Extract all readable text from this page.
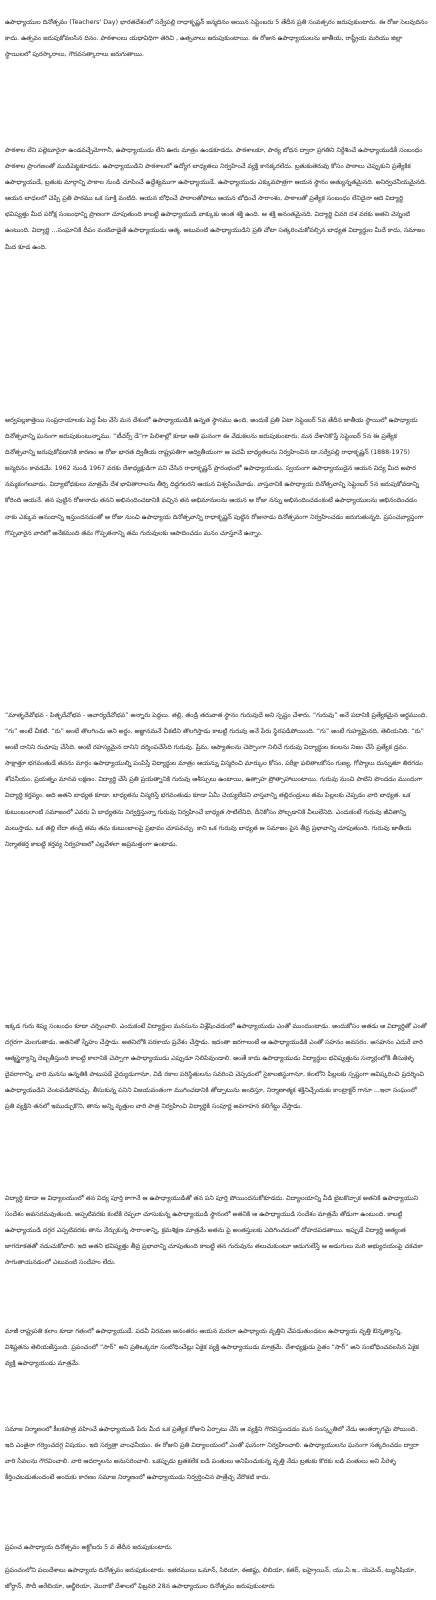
ఉపాధ్యాయుల దినోత్సవం (Teachers' Day) భారతదేశంలో సర్వేపల్లి రాధాకృష్ణన్ జన్మదినం అయిన సెప్టెంబరు 5 తేదీన ప్రతి సంవత్సరం జరుపుకుంటారు. ఈ రోజు సెలవుదినం కాదు. ఉత్సవం జరుపుకోవలసిన దినం. పాఠశాలలు యధావిధిగా తెరిచి , ఉత్సవాలు జరుపుకుంటాయి. ఈ రోజున ఉపాధ్యాయులను జాతీయ, రాష్ట్రీయ మరియు జిల్లా స్థాయిలలో పురస్కారాలు, గౌరవసత్కారాలు జరుగుతాయి.

పాఠశాల లేని పల్లెటూరైనా ఉండవచ్చేమోగానీ, ఉపాధ్యాయుడు లేని ఊరు మాత్రం ఉండకూడదు. పాఠశాలకూ, పాఠ్య బోధన ద్వారా ప్రగతిని నిర్దేశించే ఉపాధ్యాయుడికీ సంబంధం పాఠశాల ప్రాంగణంతో ముడిపెట్టకూడదు. ఉపాధ్యాయుడిని పాఠశాలలో ఉద్యోగ బాధ్యతలు నిర్వహించే వ్యక్తి కానక్కరలేదు. బ్రతుకుతెరువు కోసం పాఠాలు చెప్పుకుని ప్రత్యేకిక ఉపాధ్యాయుడే, బ్రతుకు మార్గాన్ని పాఠాల నుండి చూపించే ఉద్దేశ్యముగా ఉపాధ్యాయుడే. ఉపాధ్యాయుడు ఎక్కువపాత్రగా ఆయన స్థానం అత్యున్నతమైనది. అనిర్వచనీయమైనది. ఆయన బాధలలో చెప్పే ప్రతి పాఠము ఒక సూక్తి వంటిది. ఆయన బోధించే పాఠాలతోపాటు ఆయన బోధించే సారాంశం, పాఠాలతో ప్రత్యేక సంబంధం లేనిదైనా ఆది విద్యార్థి భవిష్యత్తు మీద పరోక్ష సంబంధాన్ని ప్రాణంగా చూపుతుంది కాబట్టి ఉపాధ్యాయుడి వాక్కుకు అంత శక్తి ఉంది. ఆ శక్తి అనంతమైనది. విద్యార్థి చివరి దశ వరకు అతని వెన్నంటి ఉంటుంది. విద్యార్థి ...సంఘానికి దీపం వంటివాడైతే ఉపాధ్యాయుడు ఆత్మ. అటువంటి ఉపాధ్యాయుడిని ప్రతి చోటా సత్కరించుకోవల్సిన బాధ్యత విద్యార్థుల మీదే కాదు, సమాజం మీద కూడ ఉంది.

అర్వపల్లకాత్తెయి సంప్రదాయాలకు పెద్ద పీట వేసే మన దేశంలో ఉపాధ్యాయుడికి ఉన్నత స్థానము ఉంది. అందుకే ప్రతి ఏటా సెప్టెంబర్ 5వ తేదీన జాతీయ స్థాయిలో ఉపాధ్యాయ దినోత్సవాన్ని ఘనంగా జరుపుకుంటున్నాము. “టీచర్స్ డే”గా పిలిశాల్లో కూడా అతి ఘనంగా ఈ వేడుకలను జరుపుకుంటారు. మన దేశానికొస్తే సెప్టెంబర్ 5న ఈ ప్రత్యేక దినోత్సవాన్ని జరుపుకోవడానికి కారణం ఆ రోజు భారత ద్వితీయ రాష్ట్రపతిగా అద్వితీయంగా ఆ పదవీ బాధ్యతలను నిర్వహించిన డా.సర్వేపల్లి రాధాకృష్ణన్ (1888-1975) జన్మదినం కావడమే. 1962 నుండి 1967 వరకు దేశాధ్యక్షుడిగా పని చేసిన రాధాకృష్ణన్ ప్రారంభంలో ఉపాధ్యాయుడు. స్వయంగా ఉపాధ్యాయుడైన ఆయన విద్య మీద అపార నమ్మకంగలవాడు. విద్యాబోధకులు మాత్రమే దేశ భావితారాలను తీర్చి దిద్దగలరని ఆయన విశ్వసించేవాడు. వాస్తవానికి ఉపాధ్యాయ దినోత్సవాన్ని సెప్టెంబర్ 5న జరుపుకోవడాన్ని కోరింది ఆయనే. తన పుట్టిన రోజునాడు తనని అభినందించడానికి వచ్చిన తన అభిమానులను ఆయన ఆ రోజు నన్ను అభినందించడంకంటే ఉపాధ్యాయులను అభినందించడం నాకు ఎక్కువ ఆనందాన్ని ఇస్తుందనడంతో ఆ రోజు నుంచి ఉపాధ్యాయ దినోత్సవాన్ని రాధాకృష్ణన్ పుట్టిన రోజునాడు దినోత్సవంగా నిర్వహించడం జరుగుతున్నది. ప్రపంచవ్యాప్తంగా గొప్పవారైన వారిలో అనేకమంది తమ గొప్పతనాన్ని తమ గురువులకు ఆపాదించడం మనం చూస్తూనే ఉన్నాం.

“మాతృదేవోభవ - పితృదేవోభవ - ఆచార్యదేవోభవ” అన్నారు పెద్దలు. తల్లి, తండ్రి తరువాత స్థానం గురువుదే అని స్పష్టం చేశారు. “గురువు” అనే పదానికి ప్రత్యేకమైన అర్థముంది. “గు” అంటే చీకటి. “రు” అంటే తొలగించు అని అర్థం. అజ్ఞానమనే చీకటిని తొలగిస్తాడు కాబట్టి గురువు అనే పేరు స్థిరపడిపోయింది. “గు” అంటే గుహ్యమైనది, తెలియనిది. “రు” అంటే దానిని రుచూపు చేసేది. అంటే రహస్యమైన దానిని దర్శింపచేసేది గురువు. ప్రేమ, ఆప్యాతలను చెప్పొంగా నిలిచే గురువు విద్యార్థుల కలలను నిజం చేసే ప్రత్యేక ద్రవం. సాక్షాత్తూ భగవంతుడే తనను మార్గం ఉపాధ్యాయుల్ని పంపిస్తే విద్యార్థుల మాత్రం ఆయన్ను విస్మరించి మార్కుల కోసం, పరీక్షా ఫలితాలకోసం గుణ్య, గోప్యాలు దున్నుతూ తిరగడం శోచనీయం. ప్రయత్నం మానవ లక్షణం. విద్యార్థి చేసే ప్రతి ప్రయత్నానికి గురువు ఆశీస్సులు ఉంటాయి, ఉత్సాహ ప్రోత్సాహాలుంటాయి. గురువు నుంచి పాటిని పొందడం ముందుగా విద్యార్థి కర్తవ్యం. అది అతని బాధ్యత కూడా. బాధ్యతను విస్మరిస్తే భగవంతుడు కూడా ఏమీ చెయ్యలేడని వాస్తవాన్ని తల్లిదండ్రులు తమ పిల్లలకు చెప్పడం వారి బాధ్యత. ఒక కుటుంబంలాంటి సమాజంలో ఎవరు ఏ బాధ్యతను నిర్వర్తిస్తున్నా గురువు నిర్వహించే బాధ్యత సాటిలేనిది. దీనికోసం పోల్చడానికి వీలులేనిది. ఎందుకంటే గురువు జీవితాన్ని మలుస్తాడు. ఒక తల్లి లేదా తండ్రి తమ తమ కుటుంబాలపై ప్రభావం చూపవచ్చు. కాని ఒక గురువు బాధ్యత ఆ సమాజం పైన తీవ్ర ప్రభావాన్ని చూపుతుంది. గురువు జాతీయ నిర్మాతకర్త కాబట్టి కర్తవ్య నిర్వహణలో ఎల్లవేళలా అప్రమత్తంగా ఉంటాడు.

ఇక్కడ గురు శిష్య సంబంధం కూడా చర్చించాలి. ఎందుకంటే విద్యార్థుల మనసును విశ్లేషించడంలో ఉపాధ్యాయుడు ఎంతో ముందుంటాడు. అందుకోసం అతడు ఆ విద్యార్థితో ఎంతో దగ్గరగా మెలగుతాడు. అతనితో స్నేహం చేస్తాడు. అతనిలోకి పరకాయ ప్రవేశం చేస్తాడు. ఇదంతా జరగాలంటే ఆ ఉపాధ్యాయుడికి ఎంతో సహనం అవసరం. అసహనం ఎదురే వారి ఆత్మస్థైర్యాన్ని దెబ్బతీస్తుంది కాబట్టి కాలానికి చెప్పాగా ఉపాధ్యాయుడు ఎప్పుడూ నిలిపివుండాలి. అంతే కాదు ఉపాధ్యాయుడు విద్యార్థుల భవిష్యత్తును సన్మార్గంలోకి తీసుకెళ్ళ దైవరాగాన్ని, వారి మనసు ఉన్నతికి పాటుపడే వైద్యుడుగానూ, విడి రకాల పరిస్థితులను సవరించి చెప్పడంలో సైకాలజిస్టుగానూ, కలలోని పిల్లలకు స్పష్టంగా ఆవిష్కరించి ప్రదర్శించి ఉపాధ్యాయుడిని వెంటపడిపోవచ్చు. తీసుకున్న పనిని విజయవంతంగా ముగించడానికి తోడ్పాటును అందిస్తూ, నిర్మాణాత్మక శక్తినిచ్చేందుకు కాంట్రాక్టర్ గానూ ...ఇలా సంఘంలో ప్రతి వ్యక్తిని తనలో ఇముడ్చుకొని, తాను అన్ని వృత్తుల వారి పాత్ర నిర్వహించి విద్యార్థికి సంపూర్ణ అవగాహన కలిగేట్టు చేస్తాడు.

విద్యార్థి కూడా ఆ విధ్యాలయంలో తన విద్య పూర్తి కాగానే ఆ ఉపాధ్యాయుడితో తన పని పూర్తి పోయిందనుకోకూడదు. విద్యాలయాన్ని వీడి బైటకొచ్చాక అతనికి ఉపాధ్యాయుని సందేశం అవసరమవుతుంది. అప్పటివరకు కంటికి రెప్పలా చూసుకున్న ఉపాధ్యాయుడి స్థానంలో అతనికి ఆ ఉపాధ్యాయుడి సందేశం మాత్రమే తోడుగా ఉంటుంది. కాబట్టి ఉపాధ్యాయుడి దగ్గర ఎప్పటివరకు తాను నేర్చుకున్న సారాంశాన్ని, క్రమశిక్షణ మాత్రమే అతను పై అంతస్తులకు ఎదిగించడంలో దోహదపడతాయి. ఇప్పుడే విద్యార్థి అత్యంత జాగరూకతతో నడుచుకోవాలి. ఇది అతని భవిష్యత్తు తీవ్ర ప్రభావాన్ని చూపుతుంది కాబట్టి తన గురువును తలుచుకుంటూ అడుగులేస్తే ఆ అడుగులు మరి అభ్యుదయంపై చకచకా సాగుతాయనడంలో ఎటువంటి సందేహం లేదు.

మాజీ రాష్ట్రపతి కలాం కూడా గతంలో ఉపాధ్యాయుడే. పదవీ విరమణ అనంతరం ఆయన మరలా ఉపాధ్యాయ వృత్తిని చేపడుతుండటం ఉపాధ్యాయ వృత్తి ఔన్నత్యాన్ని, విశిష్టతను తెలియజేస్తుంది. ప్రపంచంలో “సార్” అని ప్రతిఒక్కరూ సంబోధించేట్లు ఏకైక వ్యక్తి ఉపాధ్యాయుడు మాత్రమే. దేశాధ్యక్షుడు సైతం “సార్” అని సంబోధించవలసిన ఏకైక వ్యక్తి ఉపాధ్యాయుడు మాత్రమే.

సమాజ నిర్మాణంలో కీలకపాత్ర వహించే ఉపాధ్యాయుడి పేరు మీద ఒక ప్రత్యేక రోజుని ఏర్పాటు చేసి ఆ వ్యక్తిని గౌరవిస్తుండడం మన సంస్కృతిలో నేడు అంతర్భాగమై పోయింది. ఇది ఎంతైనా గర్వించదగ్గ విషయం. ఇది సర్వత్రా వాంఛనీయం. ఈ రోజుని ప్రతి విద్యాలయంలో ఎంతో ఘనంగా నిర్వహించాలి. ఉపాధ్యాయులను ఘనంగా సత్కరించడం ద్వారా వారి సేవలను గౌరవించాలి. వారి ఆదర్శాలను అనుసరించాలి. ఒకప్పుడు బ్రతకలేక బడి పంతులు అనిపించుకున్న వృత్తి నేడు బ్రతుకు కొరకు బడి పంతులు అని పేరెళ్ళ కీర్తించబడుతుందంటే అందుకు కారణం సమాజ నిర్మాణంలో ఉపాధ్యాయుడు నిర్వర్తించిన పాత్రేచ్ఛ వేరొకటి కాదు.

ప్రపంచ ఉపాధ్యాయ దినోత్సవం అక్టోబరు 5 వ తేదీన జరుపుకుంటారు.

ప్రపంచంలోని పలుదేశాలు ఉపాధ్యాయ దినోత్సవం జరుపుకుంటారు. ఇతరములు ఒమాన్, సిరియా, ఈజిప్టు, లిబియా, కతర్, బహ్రైయిన్, యు.ఏ.ఇ., యెమెన్, ట్యునీషియా, జోర్డాన్, సౌదీ అరేబియా, అల్జీరియా, మొరాకో దేశాలలో ఫిబ్రవరి 28న ఉపాధ్యాయుల దినోత్సవం జరుపుకుంటారు
